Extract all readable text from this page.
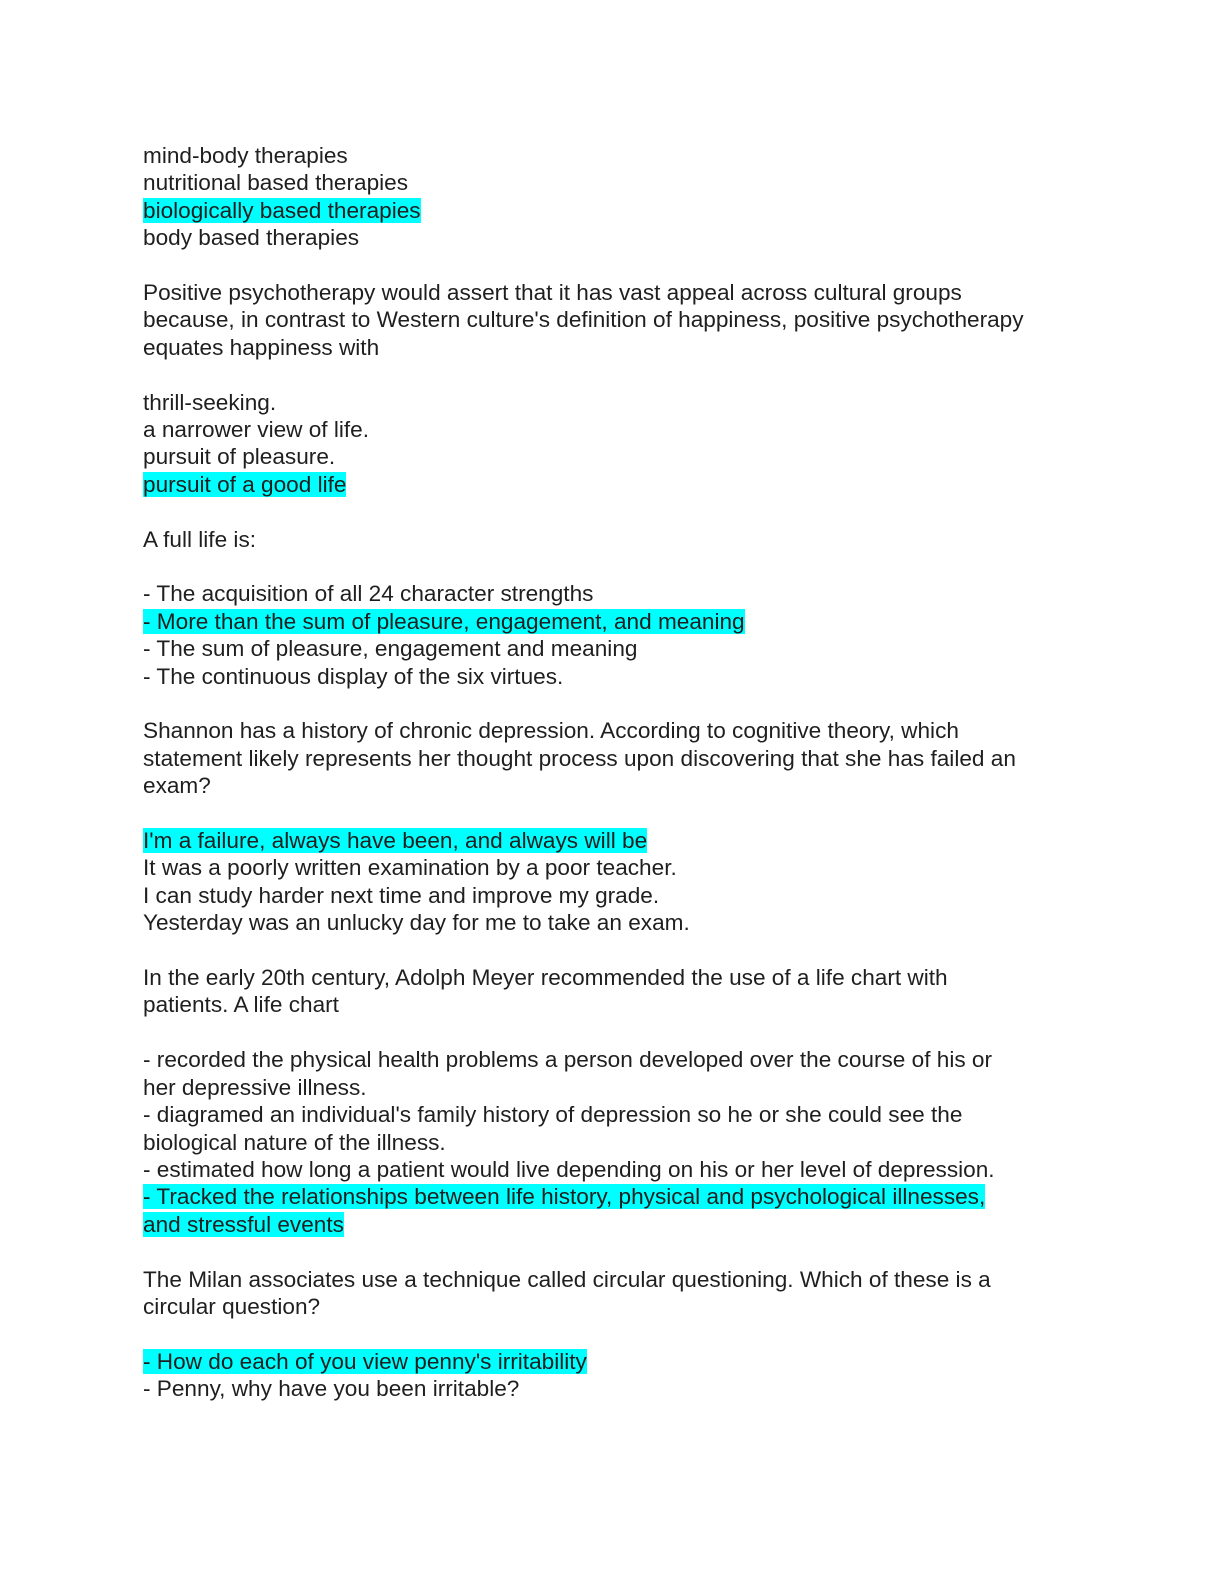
mind-body therapies
nutritional based therapies
biologically based therapies
body based therapies
Positive psychotherapy would assert that it has vast appeal across cultural groups
because, in contrast to Western culture's definition of happiness, positive psychotherapy
equates happiness with
thrill-seeking.
a narrower view of life.
pursuit of pleasure.
pursuit of a good life
A full life is:
- The acquisition of all 24 character strengths
- More than the sum of pleasure, engagement, and meaning
- The sum of pleasure, engagement and meaning
- The continuous display of the six virtues.
Shannon has a history of chronic depression. According to cognitive theory, which
statement likely represents her thought process upon discovering that she has failed an
exam?
I'm a failure, always have been, and always will be
It was a poorly written examination by a poor teacher.
I can study harder next time and improve my grade.
Yesterday was an unlucky day for me to take an exam.
In the early 20th century, Adolph Meyer recommended the use of a life chart with
patients. A life chart
- recorded the physical health problems a person developed over the course of his or
her depressive illness.
- diagramed an individual's family history of depression so he or she could see the
biological nature of the illness.
- estimated how long a patient would live depending on his or her level of depression.
- Tracked the relationships between life history, physical and psychological illnesses,
and stressful events
The Milan associates use a technique called circular questioning. Which of these is a
circular question?
- How do each of you view penny's irritability
- Penny, why have you been irritable?
